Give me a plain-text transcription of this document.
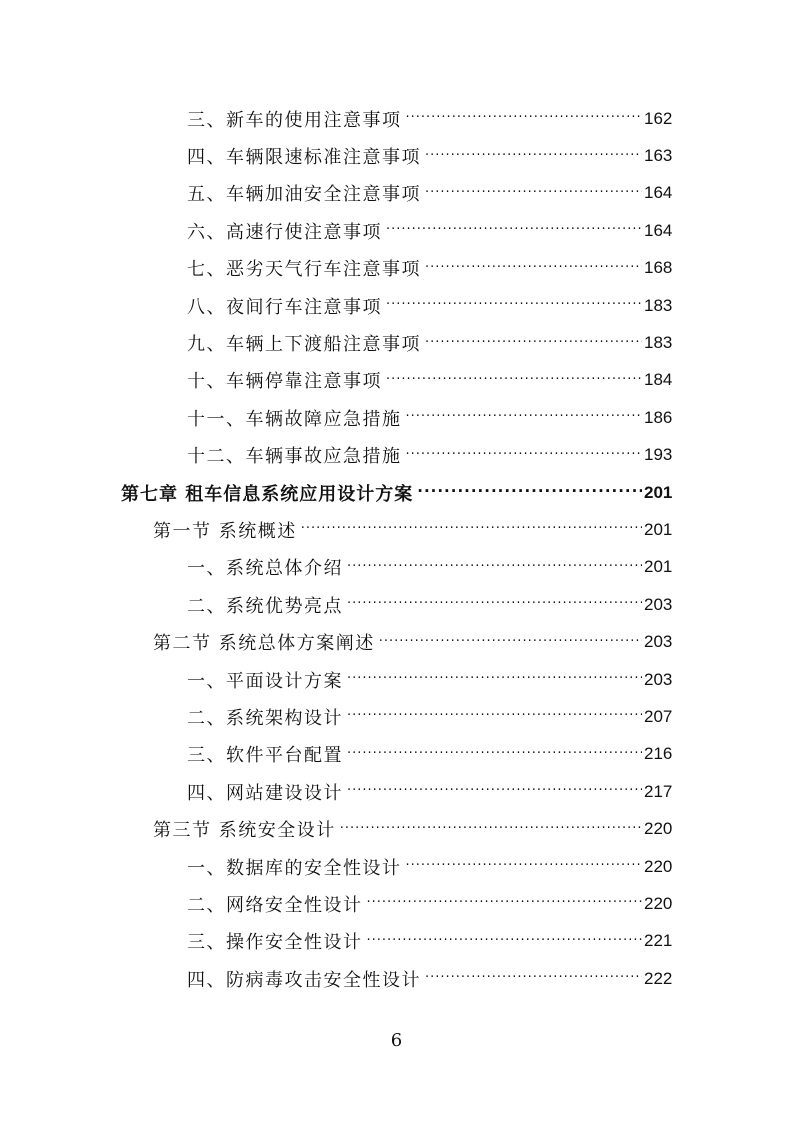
三、新车的使用注意事项 ·····	162
四、车辆限速标准注意事项 ·····	163
五、车辆加油安全注意事项 ·····	164
六、高速行使注意事项 ·····	164
七、恶劣天气行车注意事项 ·····	168
八、夜间行车注意事项 ·····	183
九、车辆上下渡船注意事项 ·····	183
十、车辆停靠注意事项 ·····	184
十一、车辆故障应急措施 ·····	186
十二、车辆事故应急措施 ·····	193
第七章 租车信息系统应用设计方案 ·····	201
第一节 系统概述 ·····	201
一、系统总体介绍 ·····	201
二、系统优势亮点 ·····	203
第二节 系统总体方案阐述 ·····	203
一、平面设计方案 ·····	203
二、系统架构设计 ·····	207
三、软件平台配置 ·····	216
四、网站建设设计 ·····	217
第三节 系统安全设计 ·····	220
一、数据库的安全性设计 ·····	220
二、网络安全性设计 ·····	220
三、操作安全性设计 ·····	221
四、防病毒攻击安全性设计 ·····	222
6
